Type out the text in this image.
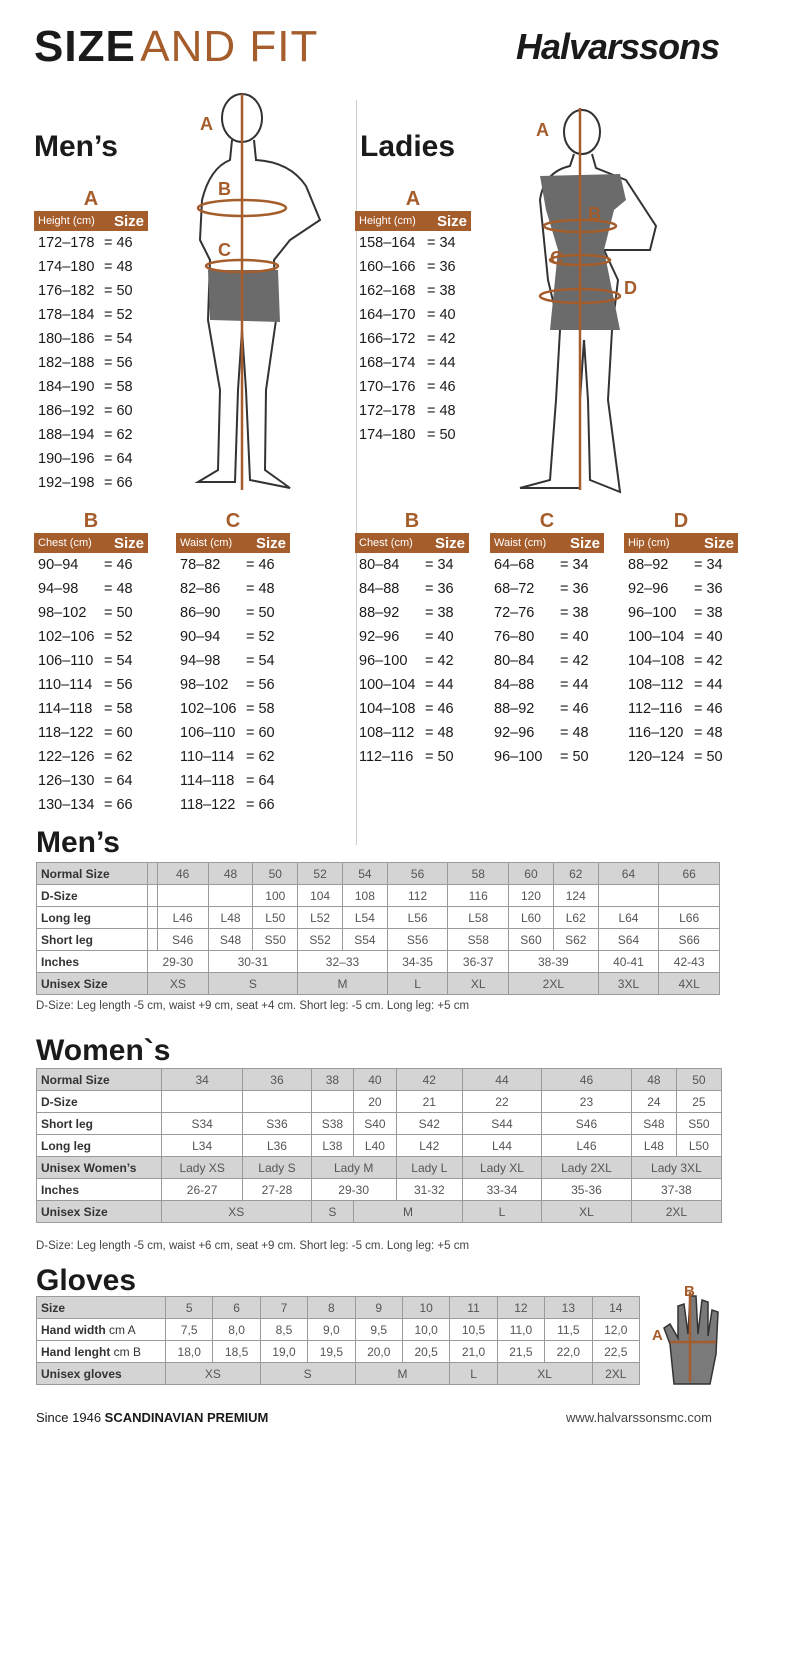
SIZE AND FIT	Halvarssons
Men’s	Ladies
A
B
C
A
B
C
D
A
Height (cm) Size
172–178 = 46
174–180 = 48
176–182 = 50
178–184 = 52
180–186 = 54
182–188 = 56
184–190 = 58
186–192 = 60
188–194 = 62
190–196 = 64
192–198 = 66
B
Chest (cm) Size
90–94 = 46
94–98 = 48
98–102 = 50
102–106 = 52
106–110 = 54
110–114 = 56
114–118 = 58
118–122 = 60
122–126 = 62
126–130 = 64
130–134 = 66
C
Waist (cm) Size
78–82 = 46
82–86 = 48
86–90 = 50
90–94 = 52
94–98 = 54
98–102 = 56
102–106 = 58
106–110 = 60
110–114 = 62
114–118 = 64
118–122 = 66
A
Height (cm) Size
158–164 = 34
160–166 = 36
162–168 = 38
164–170 = 40
166–172 = 42
168–174 = 44
170–176 = 46
172–178 = 48
174–180 = 50
B
Chest (cm) Size
80–84 = 34
84–88 = 36
88–92 = 38
92–96 = 40
96–100 = 42
100–104 = 44
104–108 = 46
108–112 = 48
112–116 = 50
C
Waist (cm) Size
64–68 = 34
68–72 = 36
72–76 = 38
76–80 = 40
80–84 = 42
84–88 = 44
88–92 = 46
92–96 = 48
96–100 = 50
D
Hip (cm) Size
88–92 = 34
92–96 = 36
96–100 = 38
100–104 = 40
104–108 = 42
108–112 = 44
112–116 = 46
116–120 = 48
120–124 = 50
Men’s
Normal Size		46	48	50	52	54	56	58	60	62	64	66
D-Size				100	104	108	112	116	120	124		
Long leg		L46	L48	L50	L52	L54	L56	L58	L60	L62	L64	L66
Short leg		S46	S48	S50	S52	S54	S56	S58	S60	S62	S64	S66
Inches	29-30		30-31		32–33		34-35	36-37	38-39		40-41	42-43
Unisex Size	XS		S		M		L	XL	2XL		3XL	4XL
D-Size: Leg length -5 cm, waist +9 cm, seat +4 cm. Short leg: -5 cm. Long leg: +5 cm
Women`s
Normal Size	34	36	38	40	42	44	46	48	50	
D-Size				20	21	22	23	24	25	
Short leg	S34	S36	S38	S40	S42	S44	S46	S48	S50	
Long leg	L34	L36	L38	L40	L42	L44	L46	L48	L50	
Unisex Women’s	Lady XS	Lady S	Lady M		Lady L	Lady XL	Lady 2XL	Lady 3XL		
Inches	26-27	27-28	29-30		31-32	33-34	35-36	37-38		
Unisex Size	XS		S	M		L	XL	2XL		
D-Size: Leg length -5 cm, waist +6 cm, seat +9 cm. Short leg: -5 cm. Long leg: +5 cm
Gloves
Size	5	6	7	8	9	10	11	12	13	14
Hand width cm A	7,5	8,0	8,5	9,0	9,5	10,0	10,5	11,0	11,5	12,0
Hand lenght cm B	18,0	18,5	19,0	19,5	20,0	20,5	21,0	21,5	22,0	22,5
Unisex gloves	XS		S		M		L	XL		2XL
B
A
Since 1946 SCANDINAVIAN PREMIUM	www.halvarssonsmc.com
